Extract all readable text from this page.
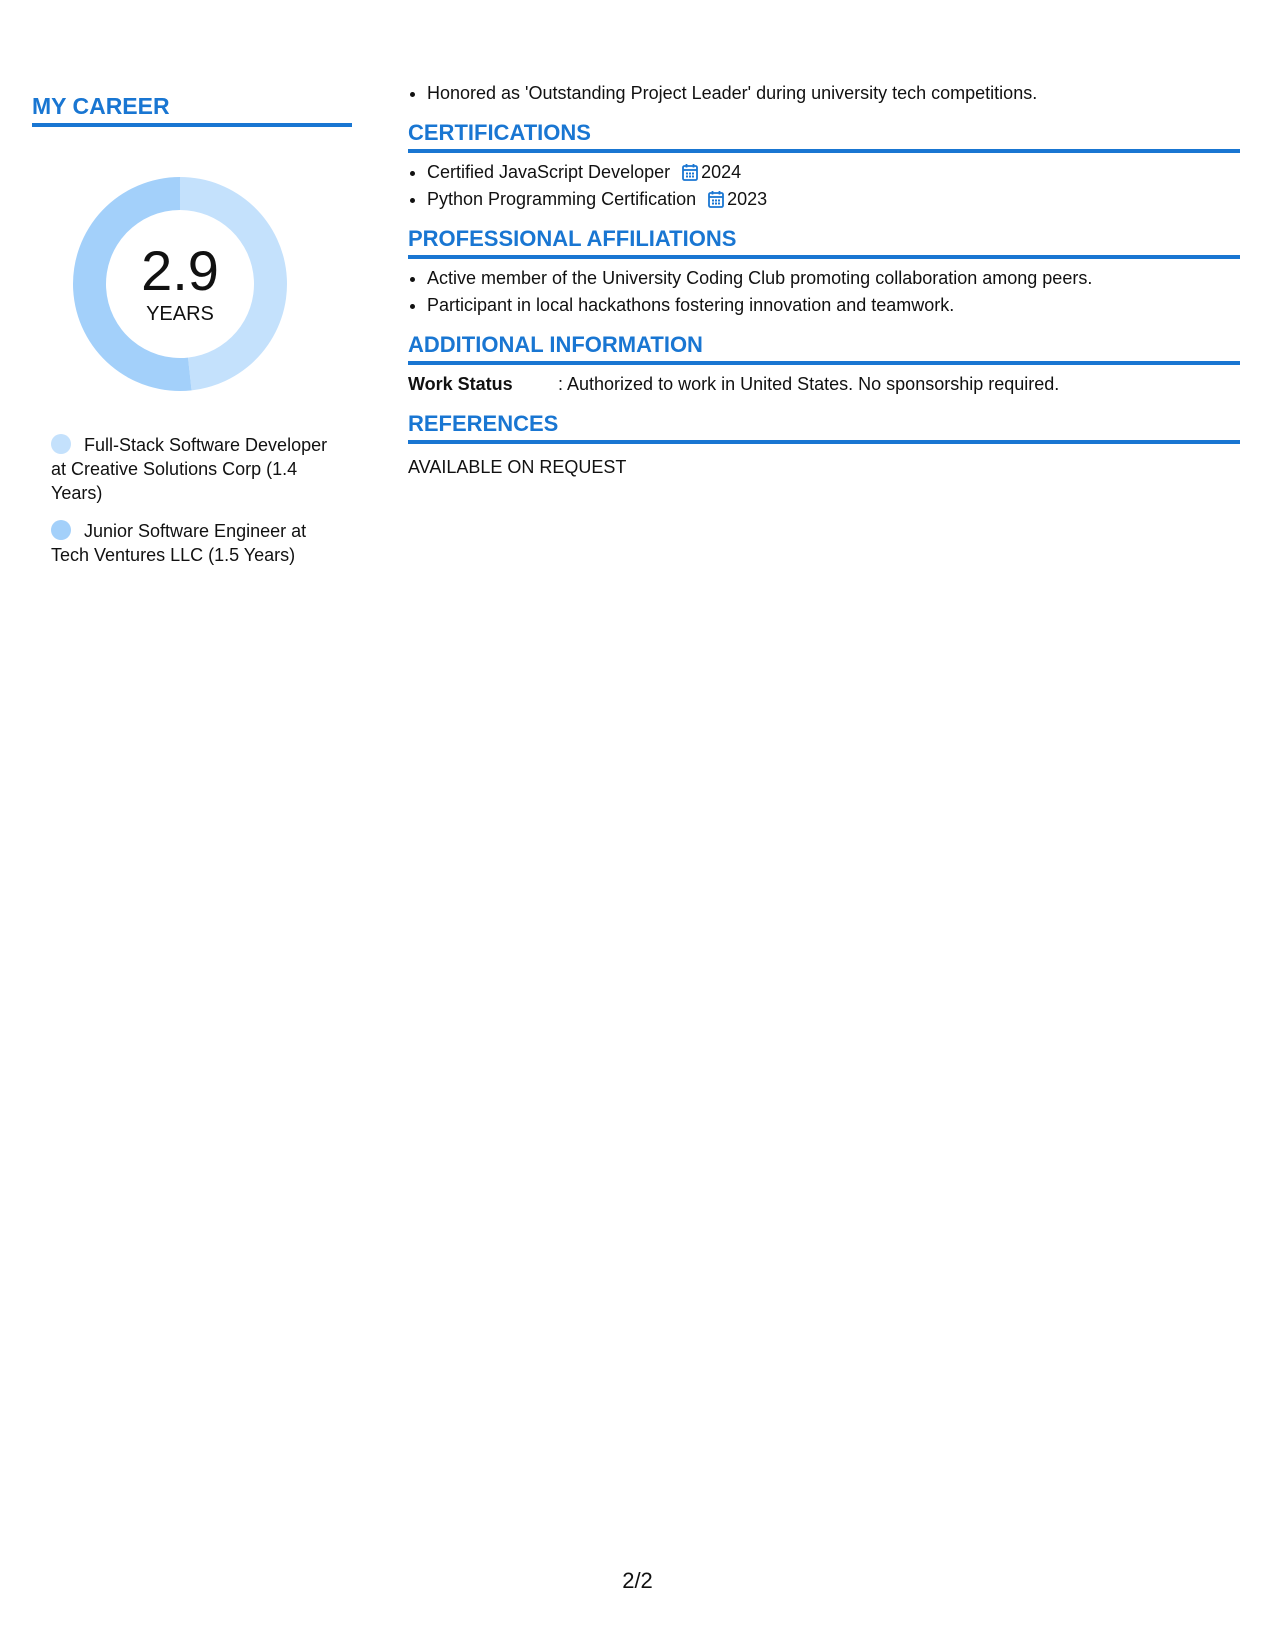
MY CAREER
2.9
YEARS
Full-Stack Software Developer at Creative Solutions Corp (1.4 Years)
Junior Software Engineer at Tech Ventures LLC (1.5 Years)
• Honored as 'Outstanding Project Leader' during university tech competitions.
CERTIFICATIONS
• Certified JavaScript Developer 2024
• Python Programming Certification 2023
PROFESSIONAL AFFILIATIONS
• Active member of the University Coding Club promoting collaboration among peers.
• Participant in local hackathons fostering innovation and teamwork.
ADDITIONAL INFORMATION
Work Status	: Authorized to work in United States. No sponsorship required.
REFERENCES
AVAILABLE ON REQUEST
2/2
